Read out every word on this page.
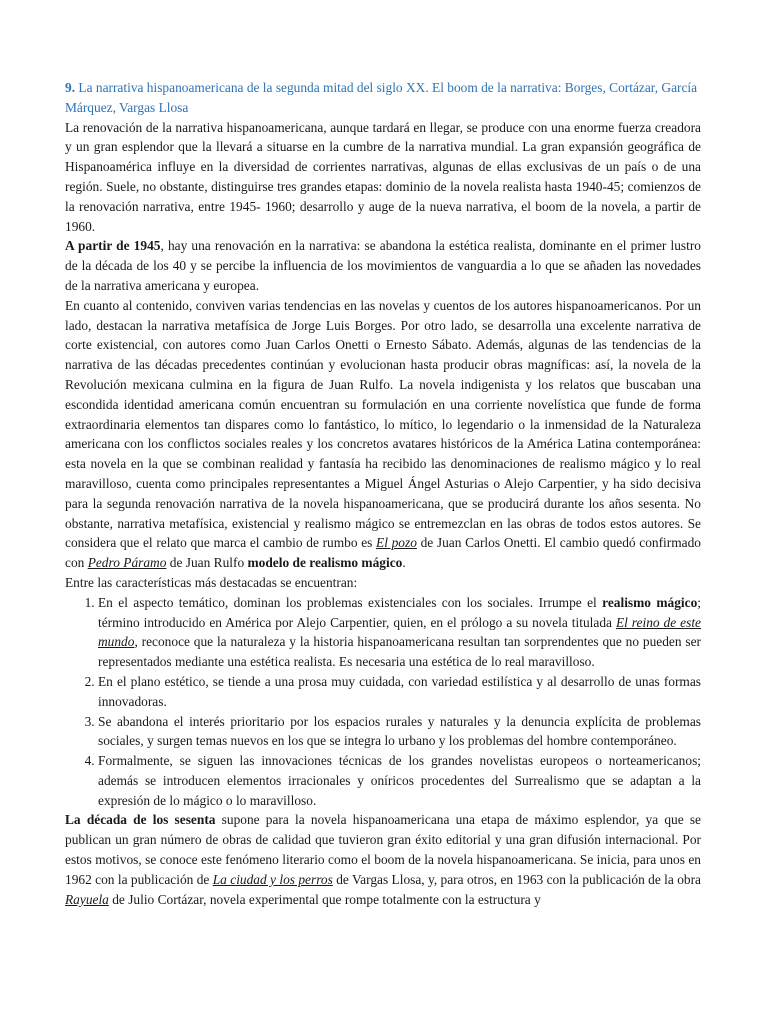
9. La narrativa hispanoamericana de la segunda mitad del siglo XX. El boom de la narrativa: Borges, Cortázar, García Márquez, Vargas Llosa

La renovación de la narrativa hispanoamericana, aunque tardará en llegar, se produce con una enorme fuerza creadora y un gran esplendor que la llevará a situarse en la cumbre de la narrativa mundial. La gran expansión geográfica de Hispanoamérica influye en la diversidad de corrientes narrativas, algunas de ellas exclusivas de un país o de una región. Suele, no obstante, distinguirse tres grandes etapas: dominio de la novela realista hasta 1940-45; comienzos de la renovación narrativa, entre 1945- 1960; desarrollo y auge de la nueva narrativa, el boom de la novela, a partir de 1960.

A partir de 1945, hay una renovación en la narrativa: se abandona la estética realista, dominante en el primer lustro de la década de los 40 y se percibe la influencia de los movimientos de vanguardia a lo que se añaden las novedades de la narrativa americana y europea.

En cuanto al contenido, conviven varias tendencias en las novelas y cuentos de los autores hispanoamericanos. Por un lado, destacan la narrativa metafísica de Jorge Luis Borges. Por otro lado, se desarrolla una excelente narrativa de corte existencial, con autores como Juan Carlos Onetti o Ernesto Sábato. Además, algunas de las tendencias de la narrativa de las décadas precedentes continúan y evolucionan hasta producir obras magníficas: así, la novela de la Revolución mexicana culmina en la figura de Juan Rulfo. La novela indigenista y los relatos que buscaban una escondida identidad americana común encuentran su formulación en una corriente novelística que funde de forma extraordinaria elementos tan dispares como lo fantástico, lo mítico, lo legendario o la inmensidad de la Naturaleza americana con los conflictos sociales reales y los concretos avatares históricos de la América Latina contemporánea: esta novela en la que se combinan realidad y fantasía ha recibido las denominaciones de realismo mágico y lo real maravilloso, cuenta como principales representantes a Miguel Ángel Asturias o Alejo Carpentier, y ha sido decisiva para la segunda renovación narrativa de la novela hispanoamericana, que se producirá durante los años sesenta. No obstante, narrativa metafísica, existencial y realismo mágico se entremezclan en las obras de todos estos autores. Se considera que el relato que marca el cambio de rumbo es El pozo de Juan Carlos Onetti. El cambio quedó confirmado con Pedro Páramo de Juan Rulfo modelo de realismo mágico.

Entre las características más destacadas se encuentran:

1. En el aspecto temático, dominan los problemas existenciales con los sociales. Irrumpe el realismo mágico; término introducido en América por Alejo Carpentier, quien, en el prólogo a su novela titulada El reino de este mundo, reconoce que la naturaleza y la historia hispanoamericana resultan tan sorprendentes que no pueden ser representados mediante una estética realista. Es necesaria una estética de lo real maravilloso.
2. En el plano estético, se tiende a una prosa muy cuidada, con variedad estilística y al desarrollo de unas formas innovadoras.
3. Se abandona el interés prioritario por los espacios rurales y naturales y la denuncia explícita de problemas sociales, y surgen temas nuevos en los que se integra lo urbano y los problemas del hombre contemporáneo.
4. Formalmente, se siguen las innovaciones técnicas de los grandes novelistas europeos o norteamericanos; además se introducen elementos irracionales y oníricos procedentes del Surrealismo que se adaptan a la expresión de lo mágico o lo maravilloso.

La década de los sesenta supone para la novela hispanoamericana una etapa de máximo esplendor, ya que se publican un gran número de obras de calidad que tuvieron gran éxito editorial y una gran difusión internacional. Por estos motivos, se conoce este fenómeno literario como el boom de la novela hispanoamericana. Se inicia, para unos en 1962 con la publicación de La ciudad y los perros de Vargas Llosa, y, para otros, en 1963 con la publicación de la obra Rayuela de Julio Cortázar, novela experimental que rompe totalmente con la estructura y
